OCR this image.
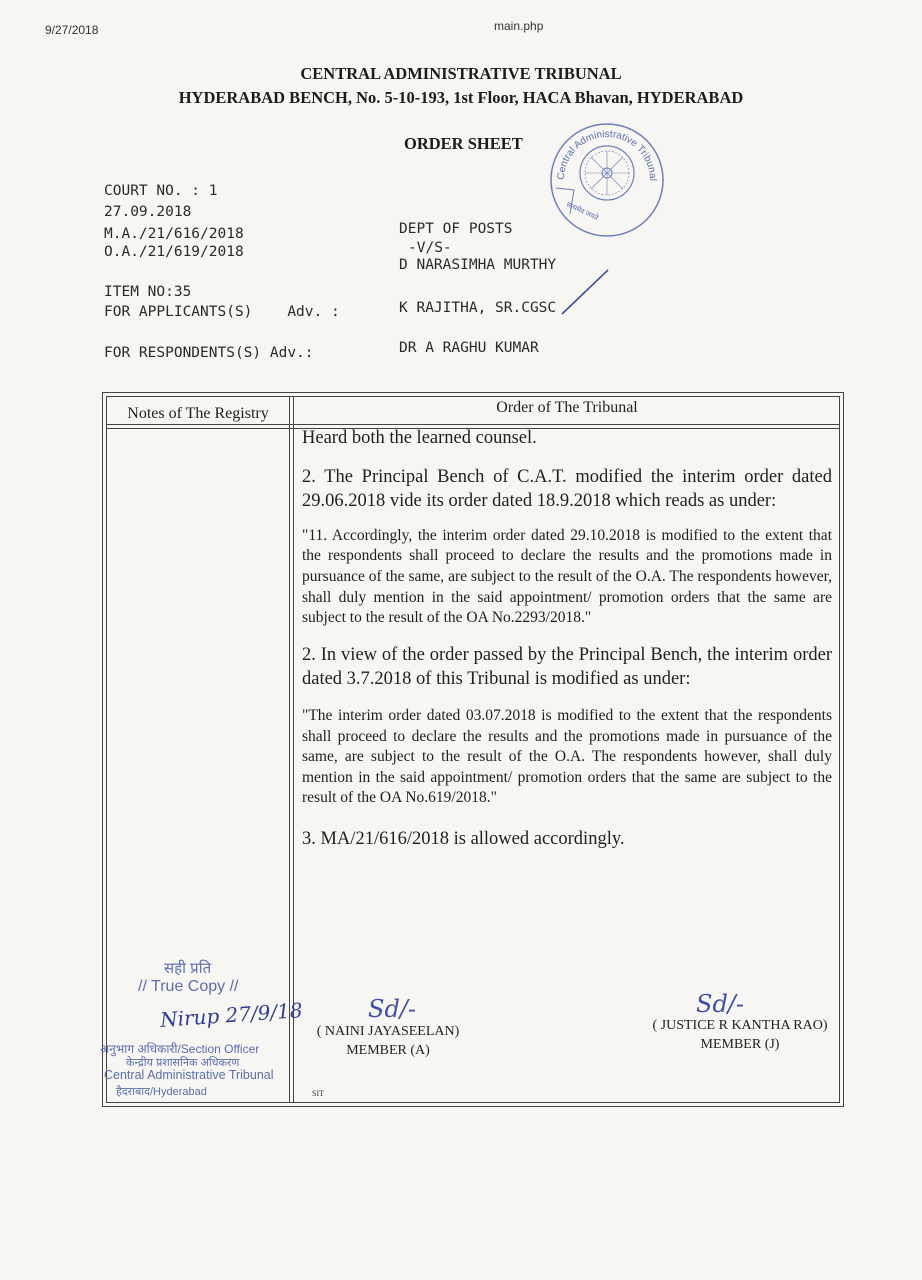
9/27/2018	main.php
CENTRAL ADMINISTRATIVE TRIBUNAL
HYDERABAD BENCH, No. 5-10-193, 1st Floor, HACA Bhavan, HYDERABAD
ORDER SHEET
Central Administrative Tribunal
सत्यमेव जयते
COURT NO. : 1
27.09.2018
M.A./21/616/2018
O.A./21/619/2018
DEPT OF POSTS
-V/S-
D NARASIMHA MURTHY
ITEM NO:35
FOR APPLICANTS(S)    Adv. :	K RAJITHA, SR.CGSC
FOR RESPONDENTS(S) Adv.:	DR A RAGHU KUMAR
Notes of The Registry	Order of The Tribunal

Heard both the learned counsel.

2. The Principal Bench of C.A.T. modified the interim order dated 29.06.2018 vide its order dated 18.9.2018 which reads as under:

"11. Accordingly, the interim order dated 29.10.2018 is modified to the extent that the respondents shall proceed to declare the results and the promotions made in pursuance of the same, are subject to the result of the O.A. The respondents however, shall duly mention in the said appointment/ promotion orders that the same are subject to the result of the OA No.2293/2018."

2. In view of the order passed by the Principal Bench, the interim order dated 3.7.2018 of this Tribunal is modified as under:

"The interim order dated 03.07.2018 is modified to the extent that the respondents shall proceed to declare the results and the promotions made in pursuance of the same, are subject to the result of the O.A. The respondents however, shall duly mention in the said appointment/ promotion orders that the same are subject to the result of the OA No.619/2018."

3. MA/21/616/2018 is allowed accordingly.

Sd/-
( NAINI JAYASEELAN)
MEMBER (A)
Sd/-
( JUSTICE R KANTHA RAO)
MEMBER (J)
SIT
सही प्रति
// True Copy //
Nirup 27/9/18
अनुभाग अधिकारी/Section Officer
केन्द्रीय प्रशासनिक अधिकरण
Central Administrative Tribunal
हैदराबाद/Hyderabad
